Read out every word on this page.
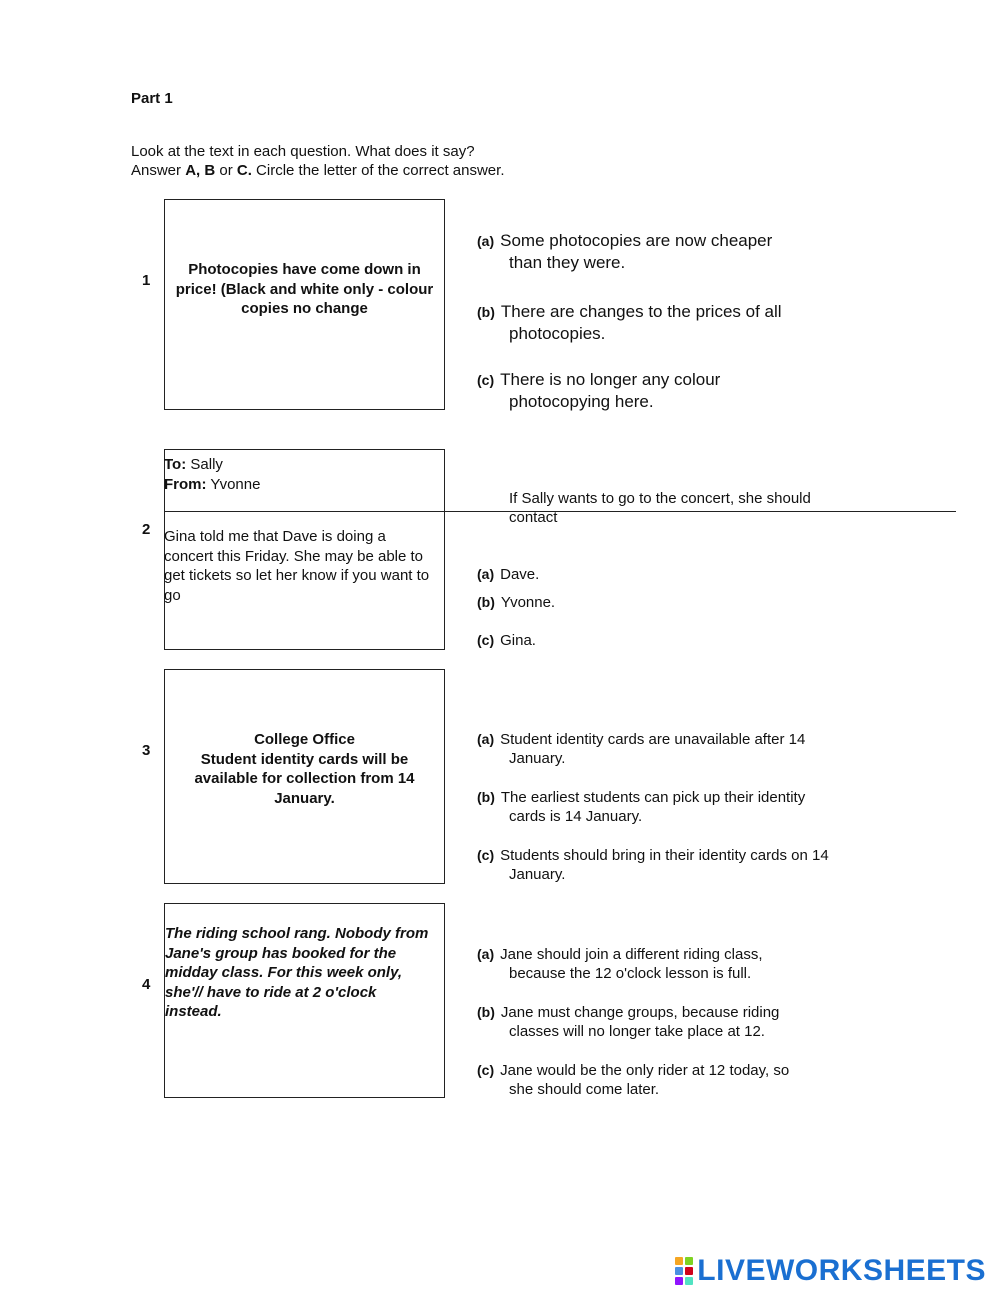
Part 1
Look at the text in each question. What does it say?
Answer A, B or C. Circle the letter of the correct answer.
1
Photocopies have come down in price! (Black and white only - colour copies no change
(a) Some photocopies are now cheaper
than they were.
(b) There are changes to the prices of all
photocopies.
(c) There is no longer any colour
photocopying here.
2
To: Sally
From: Yvonne
Gina told me that Dave is doing a concert this Friday. She may be able to get tickets so let her know if you want to go
If Sally wants to go to the concert, she should
contact
(a) Dave.
(b) Yvonne.
(c) Gina.
3
College Office
Student identity cards will be available for collection from 14 January.
(a) Student identity cards are unavailable after 14
January.
(b) The earliest students can pick up their identity
cards is 14 January.
(c) Students should bring in their identity cards on 14
January.
4
The riding school rang. Nobody from Jane's group has booked for the midday class. For this week only, she'// have to ride at 2 o'clock instead.
(a) Jane should join a different riding class,
because the 12 o'clock lesson is full.
(b) Jane must change groups, because riding
classes will no longer take place at 12.
(c) Jane would be the only rider at 12 today, so
she should come later.
LIVEWORKSHEETS
